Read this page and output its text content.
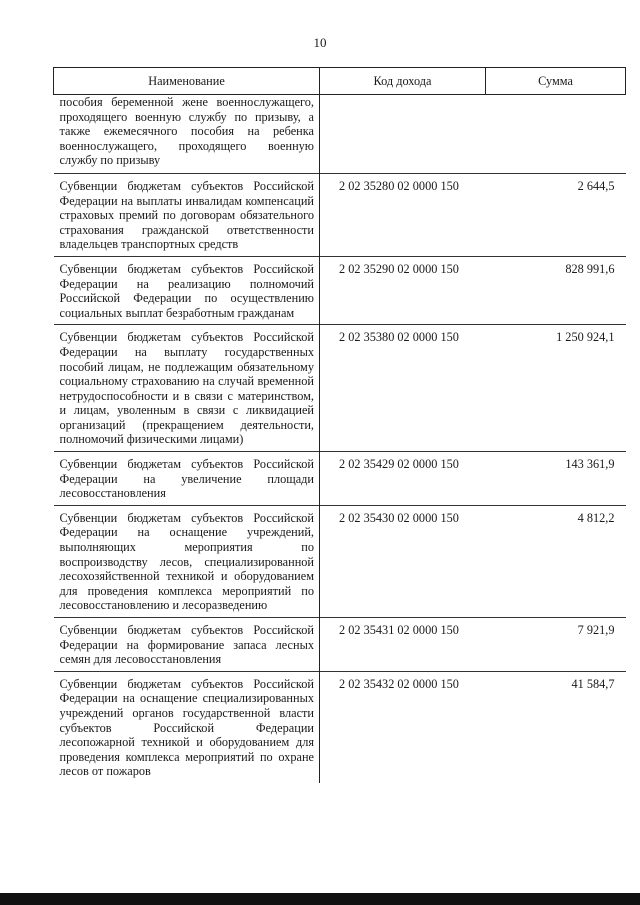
10
Наименование	Код дохода	Сумма
пособия беременной жене военнослужащего, проходящего военную службу по призыву, а также ежемесячного пособия на ребенка военнослужащего, проходящего военную службу по призыву		
Субвенции бюджетам субъектов Российской Федерации на выплаты инвалидам компенсаций страховых премий по договорам обязательного страхования гражданской ответственности владельцев транспортных средств	2 02 35280 02 0000 150	2 644,5
Субвенции бюджетам субъектов Российской Федерации на реализацию полномочий Российской Федерации по осуществлению социальных выплат безработным гражданам	2 02 35290 02 0000 150	828 991,6
Субвенции бюджетам субъектов Российской Федерации на выплату государственных пособий лицам, не подлежащим обязательному социальному страхованию на случай временной нетрудоспособности и в связи с материнством, и лицам, уволенным в связи с ликвидацией организаций (прекращением деятельности, полномочий физическими лицами)	2 02 35380 02 0000 150	1 250 924,1
Субвенции бюджетам субъектов Российской Федерации на увеличение площади лесовосстановления	2 02 35429 02 0000 150	143 361,9
Субвенции бюджетам субъектов Российской Федерации на оснащение учреждений, выполняющих мероприятия по воспроизводству лесов, специализированной лесохозяйственной техникой и оборудованием для проведения комплекса мероприятий по лесовосстановлению и лесоразведению	2 02 35430 02 0000 150	4 812,2
Субвенции бюджетам субъектов Российской Федерации на формирование запаса лесных семян для лесовосстановления	2 02 35431 02 0000 150	7 921,9
Субвенции бюджетам субъектов Российской Федерации на оснащение специализированных учреждений органов государственной власти субъектов Российской Федерации лесопожарной техникой и оборудованием для проведения комплекса мероприятий по охране лесов от пожаров	2 02 35432 02 0000 150	41 584,7
